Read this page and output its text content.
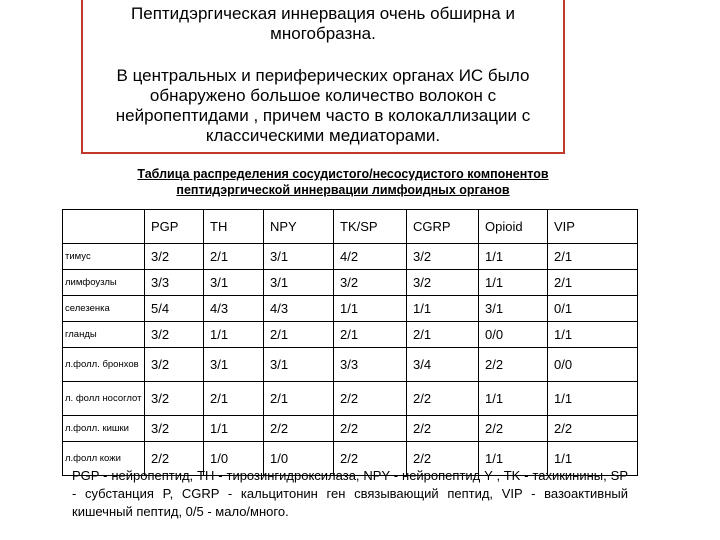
Пептидэргическая иннервация очень обширна и многобразна.

В центральных и периферических органах ИС было обнаружено большое количество волокон с нейропептидами , причем часто в колокаллизации с классическими медиаторами.

Таблица распределения сосудистого/несосудистого компонентов
пептидэргической иннервации лимфоидных органов
	PGP	TH	NPY	TK/SP	CGRP	Opioid	VIP
тимус	3/2	2/1	3/1	4/2	3/2	1/1	2/1
лимфоузлы	3/3	3/1	3/1	3/2	3/2	1/1	2/1
селезенка	5/4	4/3	4/3	1/1	1/1	3/1	0/1
гланды	3/2	1/1	2/1	2/1	2/1	0/0	1/1
л.фолл. бронхов	3/2	3/1	3/1	3/3	3/4	2/2	0/0
л. фолл носоглот	3/2	2/1	2/1	2/2	2/2	1/1	1/1
л.фолл. кишки	3/2	1/1	2/2	2/2	2/2	2/2	2/2
л.фолл кожи	2/2	1/0	1/0	2/2	2/2	1/1	1/1
PGP - нейропептид, TH - тирозингидроксилаза, NPY - нейропептид Y , TK - тахикинины, SP - субстанция P, CGRP - кальцитонин ген связывающий пептид, VIP - вазоактивный кишечный пептид, 0/5 - мало/много.
